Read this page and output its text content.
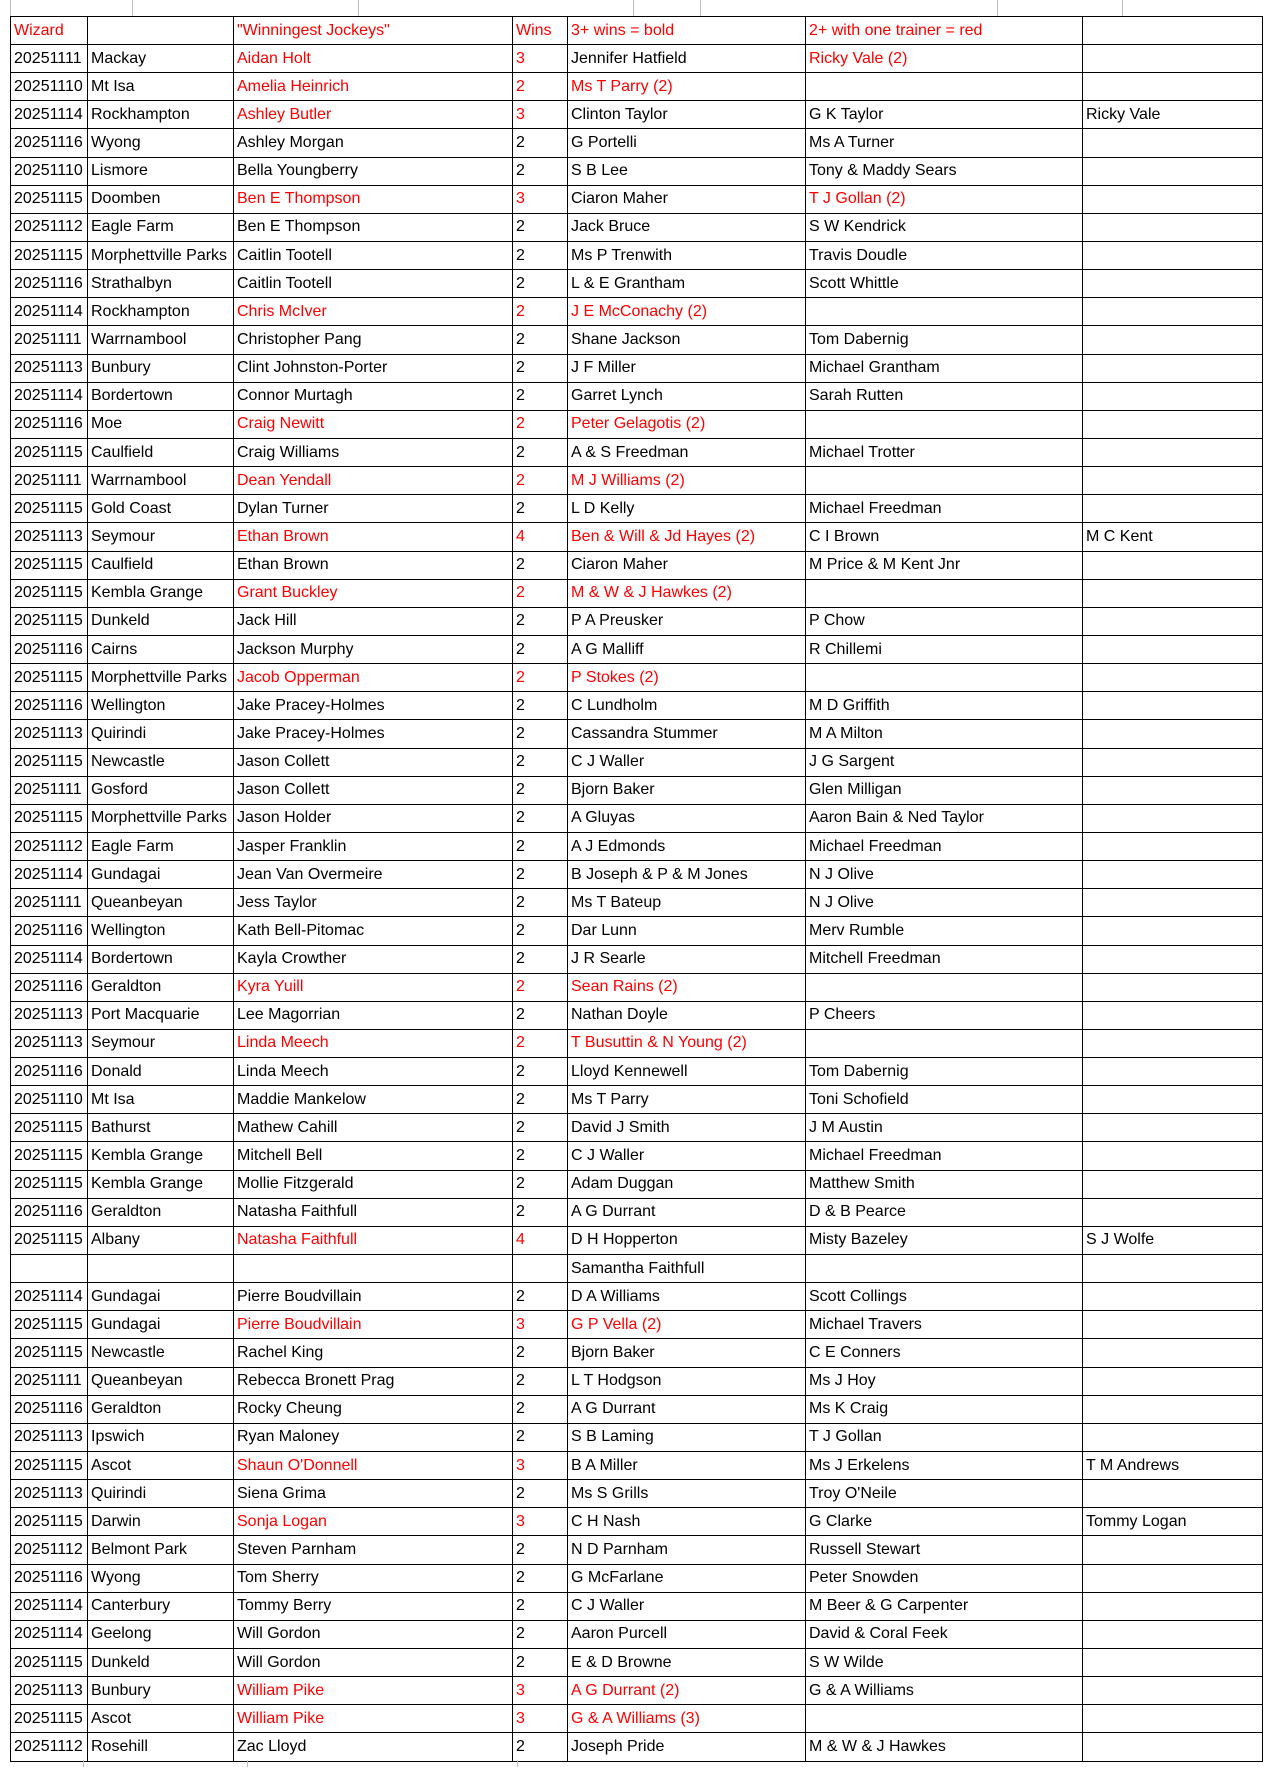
Wizard		"Winningest Jockeys"	Wins	3+ wins = bold	2+ with one trainer = red	
20251111	Mackay	Aidan Holt	3	Jennifer Hatfield	Ricky Vale (2)	
20251110	Mt Isa	Amelia Heinrich	2	Ms T Parry (2)		
20251114	Rockhampton	Ashley Butler	3	Clinton Taylor	G K Taylor	Ricky Vale
20251116	Wyong	Ashley Morgan	2	G Portelli	Ms A Turner	
20251110	Lismore	Bella Youngberry	2	S B Lee	Tony & Maddy Sears	
20251115	Doomben	Ben E Thompson	3	Ciaron Maher	T J Gollan (2)	
20251112	Eagle Farm	Ben E Thompson	2	Jack Bruce	S W Kendrick	
20251115	Morphettville Parks	Caitlin Tootell	2	Ms P Trenwith	Travis Doudle	
20251116	Strathalbyn	Caitlin Tootell	2	L & E Grantham	Scott Whittle	
20251114	Rockhampton	Chris McIver	2	J E McConachy (2)		
20251111	Warrnambool	Christopher Pang	2	Shane Jackson	Tom Dabernig	
20251113	Bunbury	Clint Johnston-Porter	2	J F Miller	Michael Grantham	
20251114	Bordertown	Connor Murtagh	2	Garret Lynch	Sarah Rutten	
20251116	Moe	Craig Newitt	2	Peter Gelagotis (2)		
20251115	Caulfield	Craig Williams	2	A & S Freedman	Michael Trotter	
20251111	Warrnambool	Dean Yendall	2	M J Williams (2)		
20251115	Gold Coast	Dylan Turner	2	L D Kelly	Michael Freedman	
20251113	Seymour	Ethan Brown	4	Ben & Will & Jd Hayes (2)	C I Brown	M C Kent
20251115	Caulfield	Ethan Brown	2	Ciaron Maher	M Price & M Kent Jnr	
20251115	Kembla Grange	Grant Buckley	2	M & W & J Hawkes (2)		
20251115	Dunkeld	Jack Hill	2	P A Preusker	P Chow	
20251116	Cairns	Jackson Murphy	2	A G Malliff	R Chillemi	
20251115	Morphettville Parks	Jacob Opperman	2	P Stokes (2)		
20251116	Wellington	Jake Pracey-Holmes	2	C Lundholm	M D Griffith	
20251113	Quirindi	Jake Pracey-Holmes	2	Cassandra Stummer	M A Milton	
20251115	Newcastle	Jason Collett	2	C J Waller	J G Sargent	
20251111	Gosford	Jason Collett	2	Bjorn Baker	Glen Milligan	
20251115	Morphettville Parks	Jason Holder	2	A Gluyas	Aaron Bain & Ned Taylor	
20251112	Eagle Farm	Jasper Franklin	2	A J Edmonds	Michael Freedman	
20251114	Gundagai	Jean Van Overmeire	2	B Joseph & P & M Jones	N J Olive	
20251111	Queanbeyan	Jess Taylor	2	Ms T Bateup	N J Olive	
20251116	Wellington	Kath Bell-Pitomac	2	Dar Lunn	Merv Rumble	
20251114	Bordertown	Kayla Crowther	2	J R Searle	Mitchell Freedman	
20251116	Geraldton	Kyra Yuill	2	Sean Rains (2)		
20251113	Port Macquarie	Lee Magorrian	2	Nathan Doyle	P Cheers	
20251113	Seymour	Linda Meech	2	T Busuttin & N Young (2)		
20251116	Donald	Linda Meech	2	Lloyd Kennewell	Tom Dabernig	
20251110	Mt Isa	Maddie Mankelow	2	Ms T Parry	Toni Schofield	
20251115	Bathurst	Mathew Cahill	2	David J Smith	J M Austin	
20251115	Kembla Grange	Mitchell Bell	2	C J Waller	Michael Freedman	
20251115	Kembla Grange	Mollie Fitzgerald	2	Adam Duggan	Matthew Smith	
20251116	Geraldton	Natasha Faithfull	2	A G Durrant	D & B Pearce	
20251115	Albany	Natasha Faithfull	4	D H Hopperton	Misty Bazeley	S J Wolfe
				Samantha Faithfull		
20251114	Gundagai	Pierre Boudvillain	2	D A Williams	Scott Collings	
20251115	Gundagai	Pierre Boudvillain	3	G P Vella (2)	Michael Travers	
20251115	Newcastle	Rachel King	2	Bjorn Baker	C E Conners	
20251111	Queanbeyan	Rebecca Bronett Prag	2	L T Hodgson	Ms J Hoy	
20251116	Geraldton	Rocky Cheung	2	A G Durrant	Ms K Craig	
20251113	Ipswich	Ryan Maloney	2	S B Laming	T J Gollan	
20251115	Ascot	Shaun O'Donnell	3	B A Miller	Ms J Erkelens	T M Andrews
20251113	Quirindi	Siena Grima	2	Ms S Grills	Troy O'Neile	
20251115	Darwin	Sonja Logan	3	C H Nash	G Clarke	Tommy Logan
20251112	Belmont Park	Steven Parnham	2	N D Parnham	Russell Stewart	
20251116	Wyong	Tom Sherry	2	G McFarlane	Peter Snowden	
20251114	Canterbury	Tommy Berry	2	C J Waller	M Beer & G Carpenter	
20251114	Geelong	Will Gordon	2	Aaron Purcell	David & Coral Feek	
20251115	Dunkeld	Will Gordon	2	E & D Browne	S W Wilde	
20251113	Bunbury	William Pike	3	A G Durrant (2)	G & A Williams	
20251115	Ascot	William Pike	3	G & A Williams (3)		
20251112	Rosehill	Zac Lloyd	2	Joseph Pride	M & W & J Hawkes	
